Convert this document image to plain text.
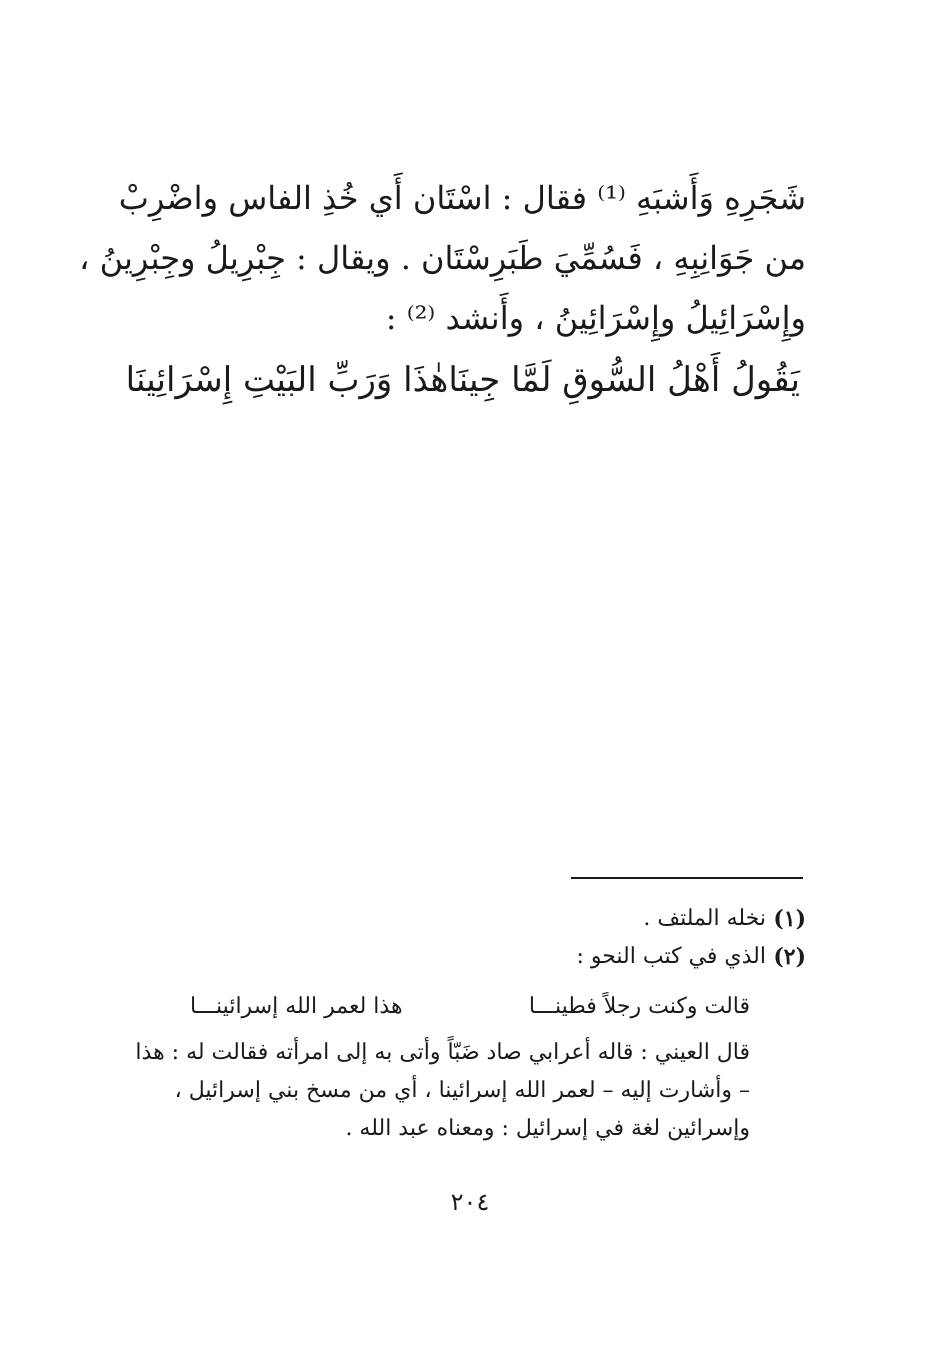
شَجَرِهِ وَأَشبَهِ ⁽¹⁾ فقال : اسْتَان أَي خُذِ الفاس واضْرِبْ
من جَوَانِبِهِ ، فَسُمِّيَ طَبَرِسْتَان . ويقال : جِبْرِيلُ وجِبْرِينُ ،
وإِسْرَائِيلُ وإِسْرَائِينُ ، وأَنشد ⁽²⁾ :
يَقُولُ أَهْلُ السُّوقِ لَمَّا جِينَا
هٰذَا وَرَبِّ البَيْتِ إِسْرَائِينَا
(١)
نخله الملتف .
(٢)
الذي في كتب النحو :
قالت وكنت رجلاً فطينـــا
هذا لعمر الله إسرائينـــا
قال العيني : قاله أعرابي صاد ضَبّاً وأتى به إلى امرأته فقالت له : هذا
– وأشارت إليه – لعمر الله إسرائينا ، أي من مسخ بني إسرائيل ،
وإسرائين لغة في إسرائيل : ومعناه عبد الله .
٢٠٤
